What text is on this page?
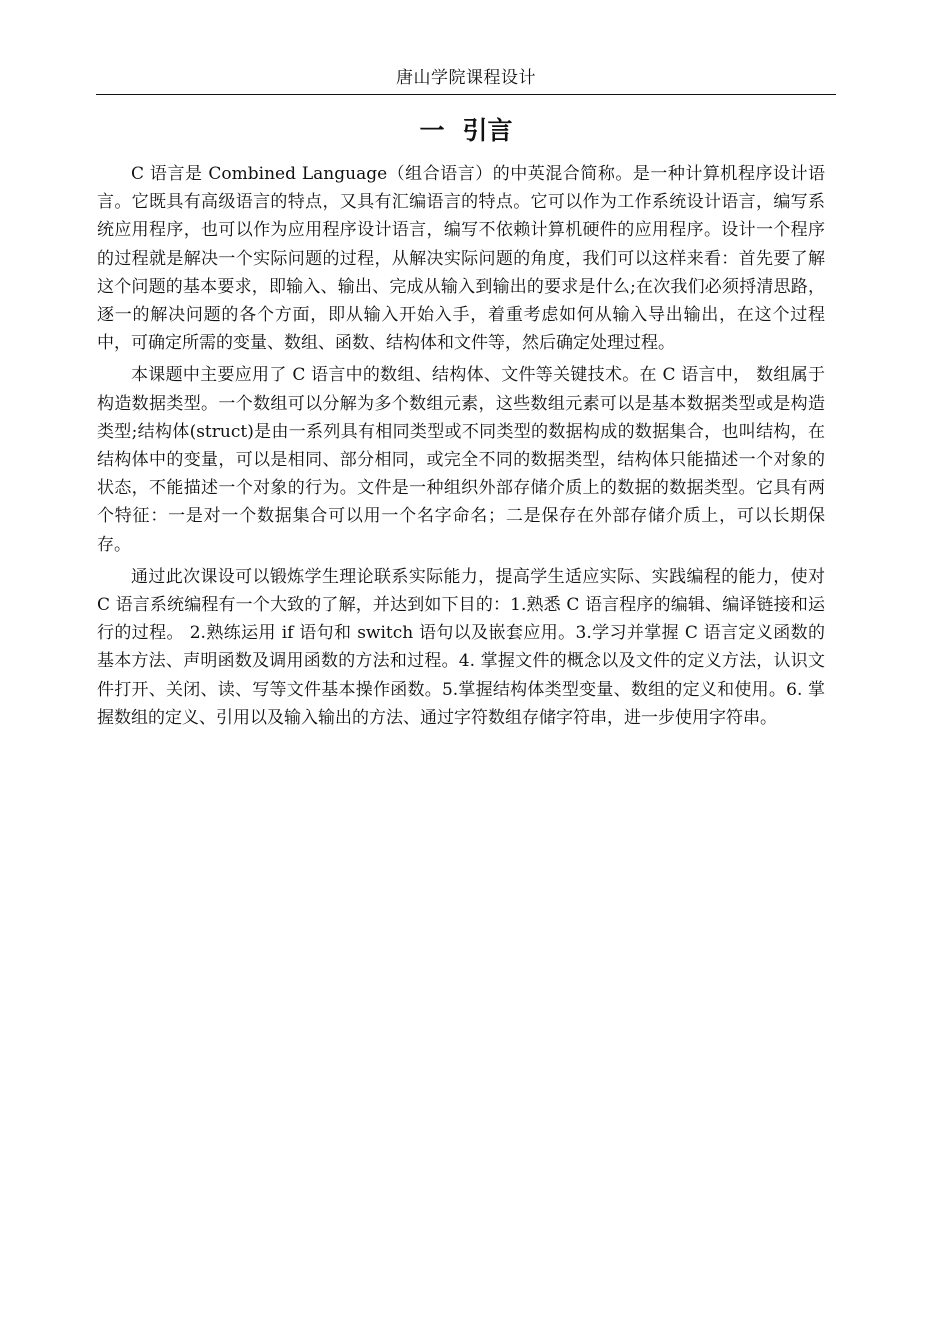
唐山学院课程设计
一 引言

C 语言是 Combined Language（组合语言）的中英混合简称。是一种计算机程序设计语言。它既具有高级语言的特点，又具有汇编语言的特点。它可以作为工作系统设计语言，编写系统应用程序，也可以作为应用程序设计语言，编写不依赖计算机硬件的应用程序。设计一个程序的过程就是解决一个实际问题的过程，从解决实际问题的角度，我们可以这样来看：首先要了解这个问题的基本要求，即输入、输出、完成从输入到输出的要求是什么;在次我们必须捋清思路，逐一的解决问题的各个方面，即从输入开始入手，着重考虑如何从输入导出输出，在这个过程中，可确定所需的变量、数组、函数、结构体和文件等，然后确定处理过程。

本课题中主要应用了 C 语言中的数组、结构体、文件等关键技术。在 C 语言中， 数组属于构造数据类型。一个数组可以分解为多个数组元素，这些数组元素可以是基本数据类型或是构造类型;结构体(struct)是由一系列具有相同类型或不同类型的数据构成的数据集合，也叫结构，在结构体中的变量，可以是相同、部分相同，或完全不同的数据类型，结构体只能描述一个对象的状态，不能描述一个对象的行为。文件是一种组织外部存储介质上的数据的数据类型。它具有两个特征：一是对一个数据集合可以用一个名字命名；二是保存在外部存储介质上，可以长期保存。

通过此次课设可以锻炼学生理论联系实际能力，提高学生适应实际、实践编程的能力，使对 C 语言系统编程有一个大致的了解，并达到如下目的：1.熟悉 C 语言程序的编辑、编译链接和运行的过程。 2.熟练运用 if 语句和 switch 语句以及嵌套应用。3.学习并掌握 C 语言定义函数的基本方法、声明函数及调用函数的方法和过程。4. 掌握文件的概念以及文件的定义方法，认识文件打开、关闭、读、写等文件基本操作函数。5.掌握结构体类型变量、数组的定义和使用。6. 掌握数组的定义、引用以及输入输出的方法、通过字符数组存储字符串，进一步使用字符串。
